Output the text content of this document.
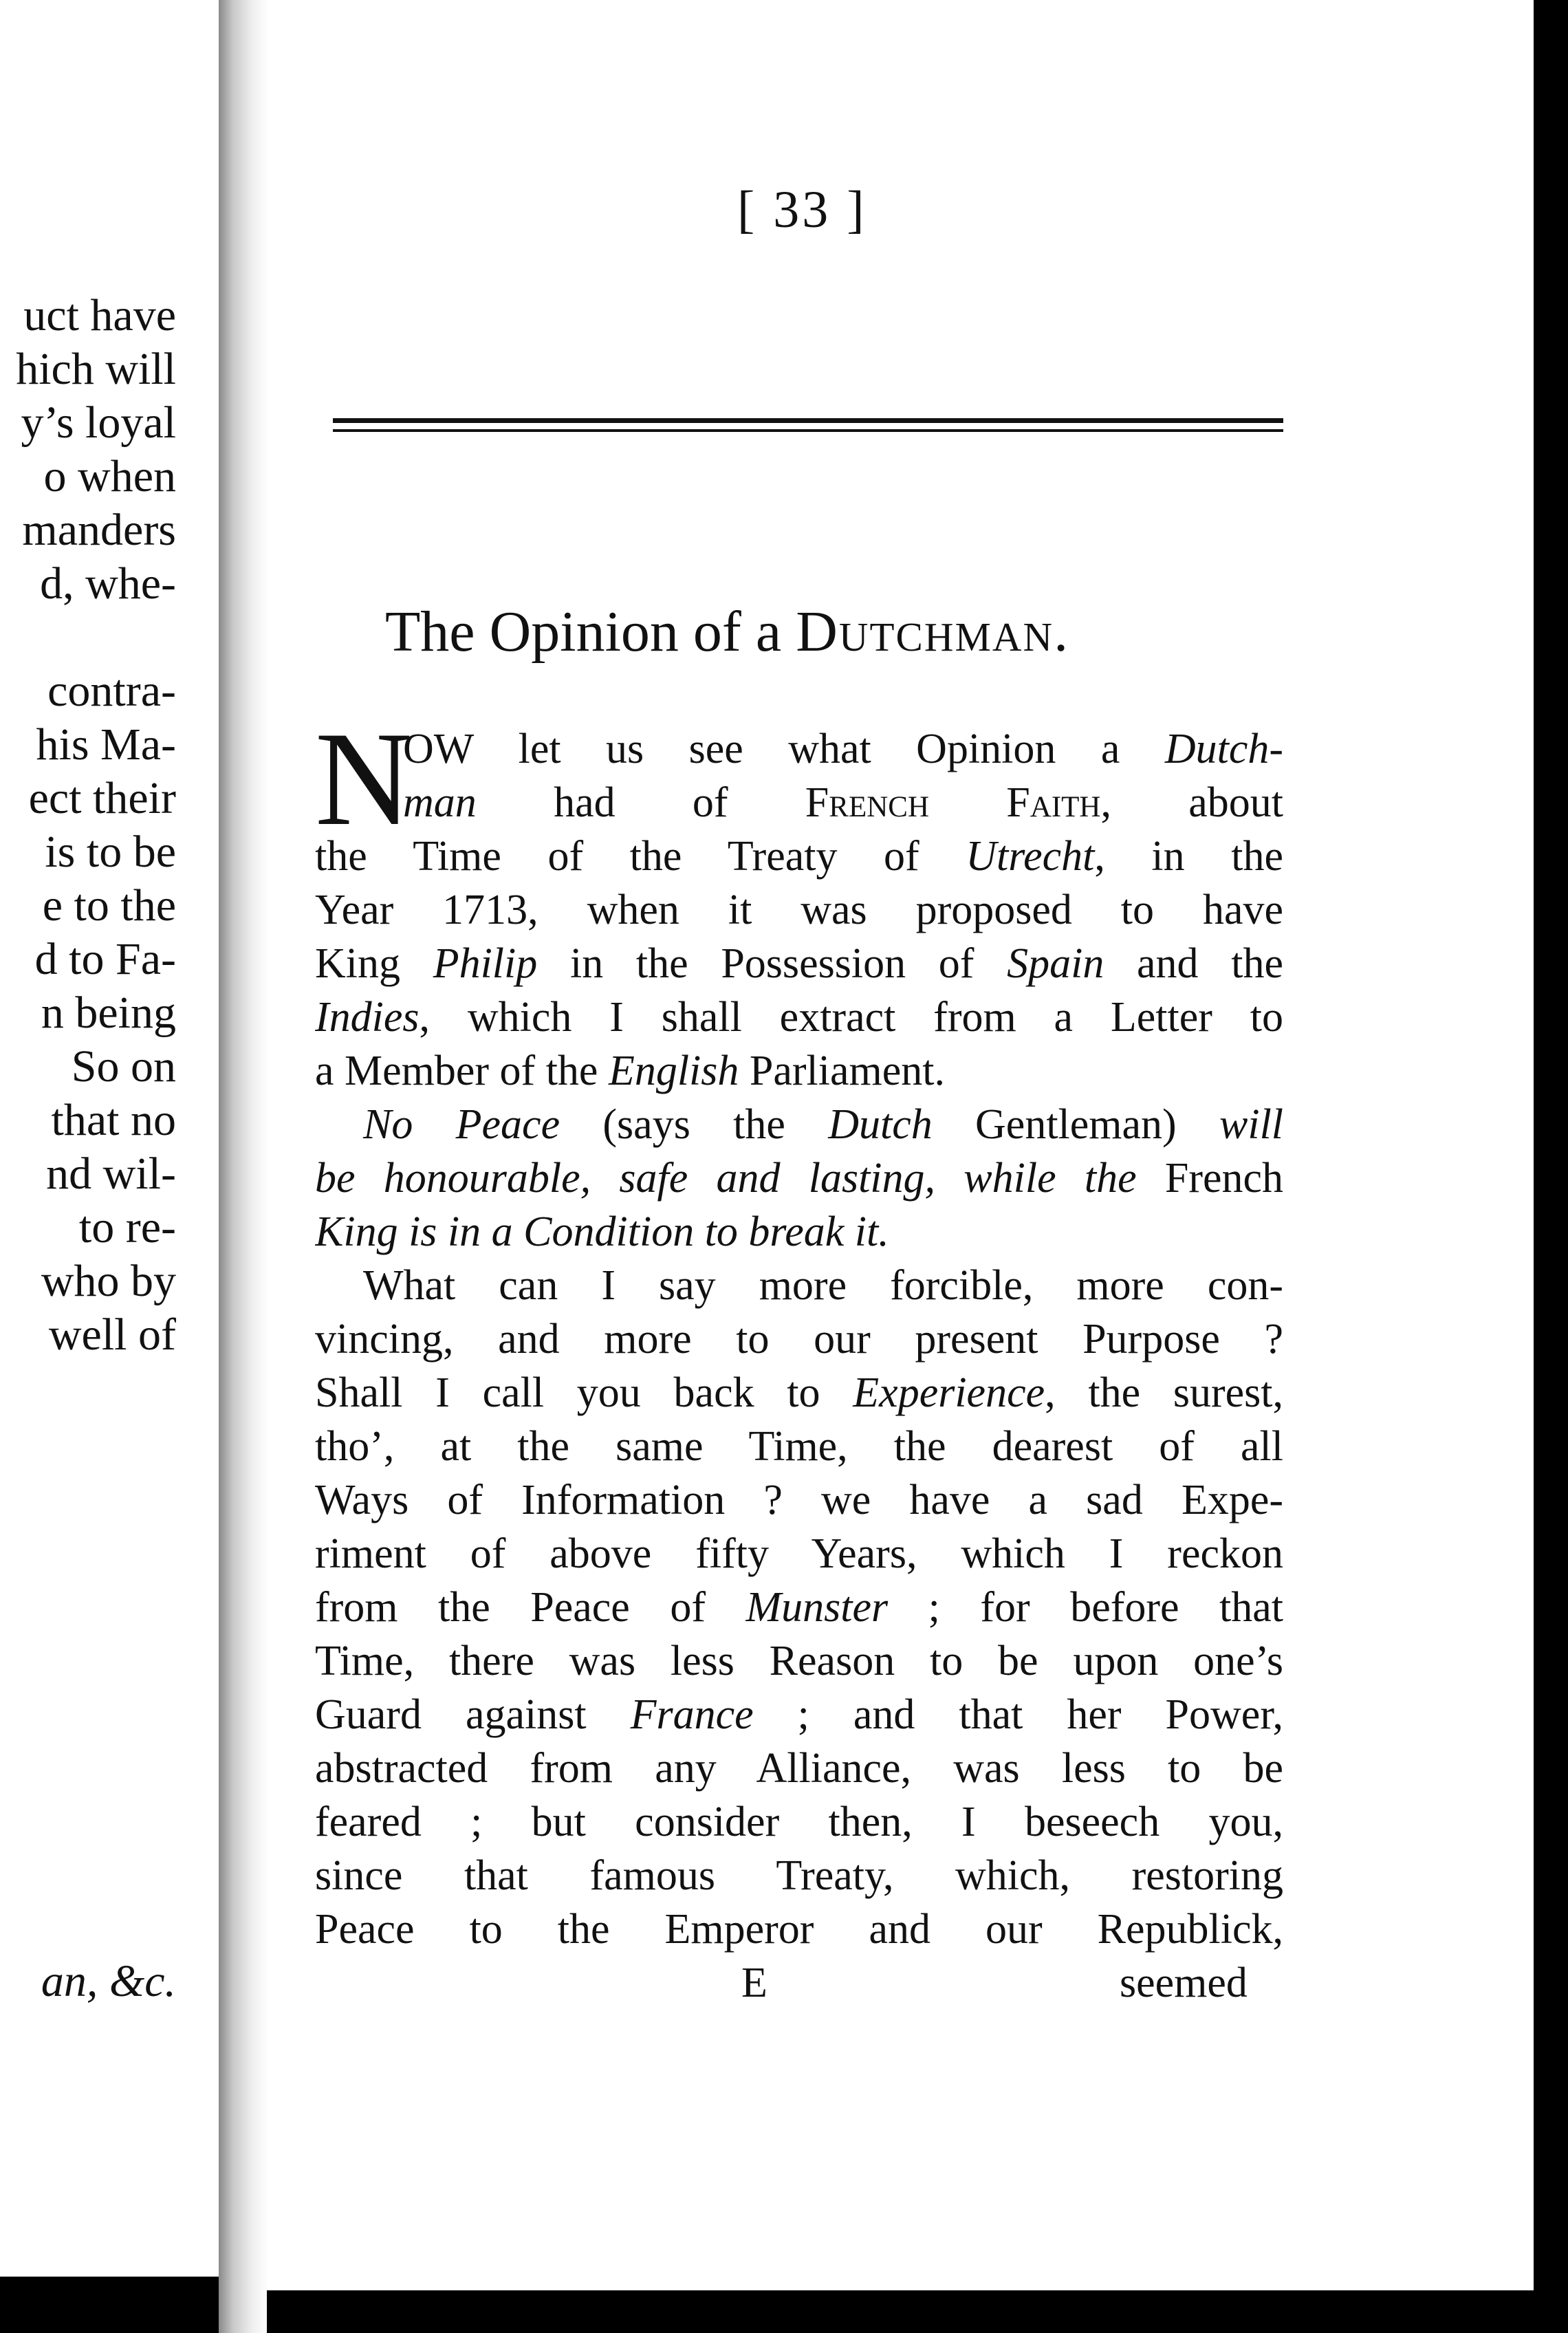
uct have
hich will
y’s loyal
o when
manders
d, whe-
contra-
his Ma-
ect their
is to be
e to the
d to Fa-
n being
So on
that no
nd wil-
to re-
who by
well of
an, &c.
[ 33 ]
The Opinion of a Dutchman.
N
OW let us see what Opinion a Dutch-
man had of French Faith, about
the Time of the Treaty of Utrecht, in the
Year 1713, when it was proposed to have
King Philip in the Possession of Spain and the
Indies, which I shall extract from a Letter to
a Member of the English Parliament.
No Peace (says the Dutch Gentleman) will
be honourable, safe and lasting, while the French
King is in a Condition to break it.
What can I say more forcible, more con-
vincing, and more to our present Purpose ?
Shall I call you back to Experience, the surest,
tho’, at the same Time, the dearest of all
Ways of Information ? we have a sad Expe-
riment of above fifty Years, which I reckon
from the Peace of Munster ; for before that
Time, there was less Reason to be upon one’s
Guard against France ; and that her Power,
abstracted from any Alliance, was less to be
feared ; but consider then, I beseech you,
since that famous Treaty, which, restoring
Peace to the Emperor and our Republick,
E	seemed
